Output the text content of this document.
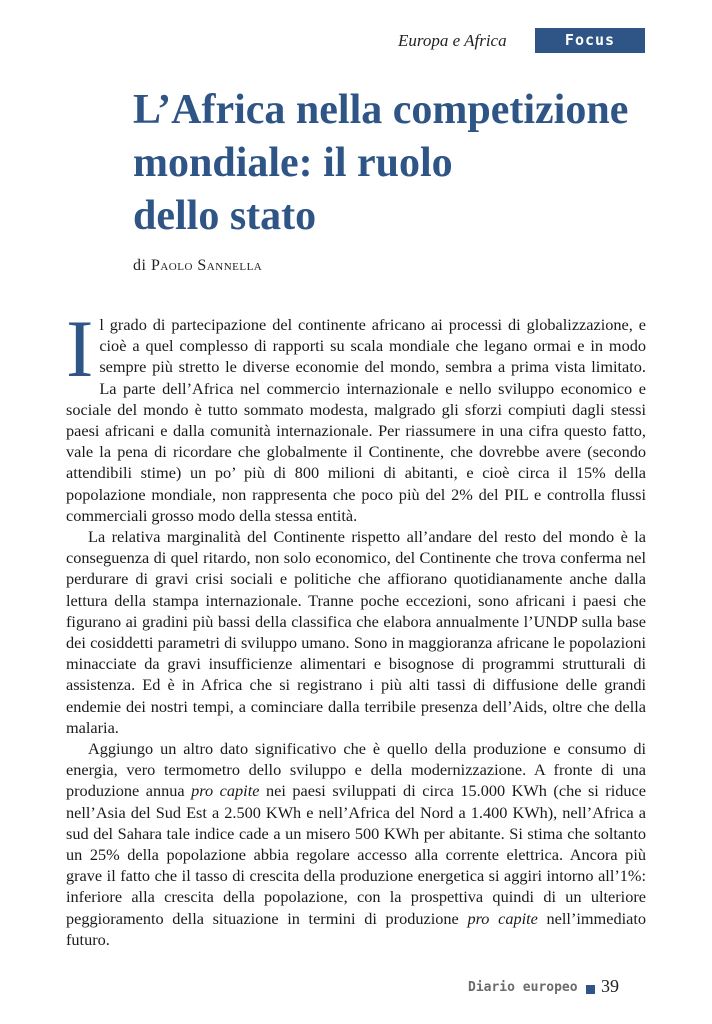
Europa e Africa	Focus
L’Africa nella competizione
mondiale: il ruolo
dello stato
di Paolo Sannella

Il grado di partecipazione del continente africano ai processi di globalizzazione, e cioè a quel complesso di rapporti su scala mondiale che legano ormai e in modo sempre più stretto le diverse economie del mondo, sembra a prima vista limitato. La parte dell’Africa nel commercio internazionale e nello sviluppo economico e sociale del mondo è tutto sommato modesta, malgrado gli sforzi compiuti dagli stessi paesi africani e dalla comunità internazionale. Per riassumere in una cifra questo fatto, vale la pena di ricordare che globalmente il Continente, che dovrebbe avere (secondo attendibili stime) un po’ più di 800 milioni di abitanti, e cioè circa il 15% della popolazione mondiale, non rappresenta che poco più del 2% del PIL e controlla flussi commerciali grosso modo della stessa entità.

La relativa marginalità del Continente rispetto all’andare del resto del mondo è la conseguenza di quel ritardo, non solo economico, del Continente che trova conferma nel perdurare di gravi crisi sociali e politiche che affiorano quotidianamente anche dalla lettura della stampa internazionale. Tranne poche eccezioni, sono africani i paesi che figurano ai gradini più bassi della classifica che elabora annualmente l’UNDP sulla base dei cosiddetti parametri di sviluppo umano. Sono in maggioranza africane le popolazioni minacciate da gravi insufficienze alimentari e bisognose di programmi strutturali di assistenza. Ed è in Africa che si registrano i più alti tassi di diffusione delle grandi endemie dei nostri tempi, a cominciare dalla terribile presenza dell’Aids, oltre che della malaria.

Aggiungo un altro dato significativo che è quello della produzione e consumo di energia, vero termometro dello sviluppo e della modernizzazione. A fronte di una produzione annua pro capite nei paesi sviluppati di circa 15.000 KWh (che si riduce nell’Asia del Sud Est a 2.500 KWh e nell’Africa del Nord a 1.400 KWh), nell’Africa a sud del Sahara tale indice cade a un misero 500 KWh per abitante. Si stima che soltanto un 25% della popolazione abbia regolare accesso alla corrente elettrica. Ancora più grave il fatto che il tasso di crescita della produzione energetica si aggiri intorno all’1%: inferiore alla crescita della popolazione, con la prospettiva quindi di un ulteriore peggioramento della situazione in termini di produzione pro capite nell’immediato futuro.

Diario europeo 39
